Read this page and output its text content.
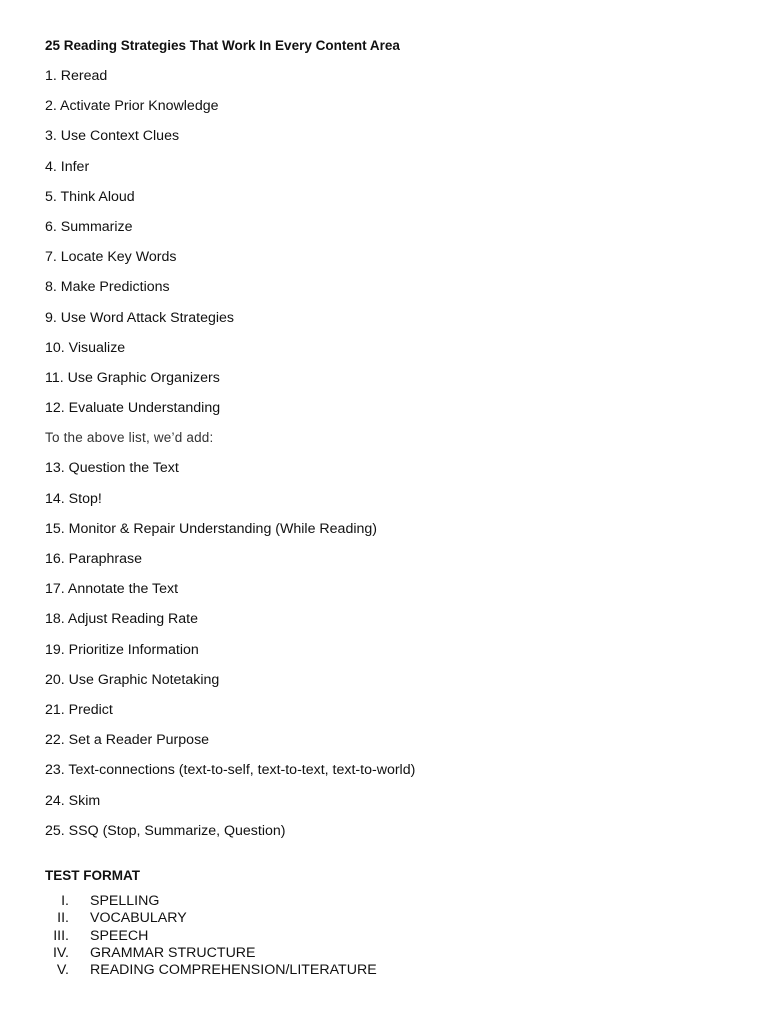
25 Reading Strategies That Work In Every Content Area
1. Reread
2. Activate Prior Knowledge
3. Use Context Clues
4. Infer
5. Think Aloud
6. Summarize
7. Locate Key Words
8. Make Predictions
9. Use Word Attack Strategies
10. Visualize
11. Use Graphic Organizers
12. Evaluate Understanding
To the above list, we’d add:
13. Question the Text
14. Stop!
15. Monitor & Repair Understanding (While Reading)
16. Paraphrase
17. Annotate the Text
18. Adjust Reading Rate
19. Prioritize Information
20. Use Graphic Notetaking
21. Predict
22. Set a Reader Purpose
23. Text-connections (text-to-self, text-to-text, text-to-world)
24. Skim
25. SSQ (Stop, Summarize, Question)
TEST FORMAT
I. SPELLING
II. VOCABULARY
III. SPEECH
IV. GRAMMAR STRUCTURE
V. READING COMPREHENSION/LITERATURE
